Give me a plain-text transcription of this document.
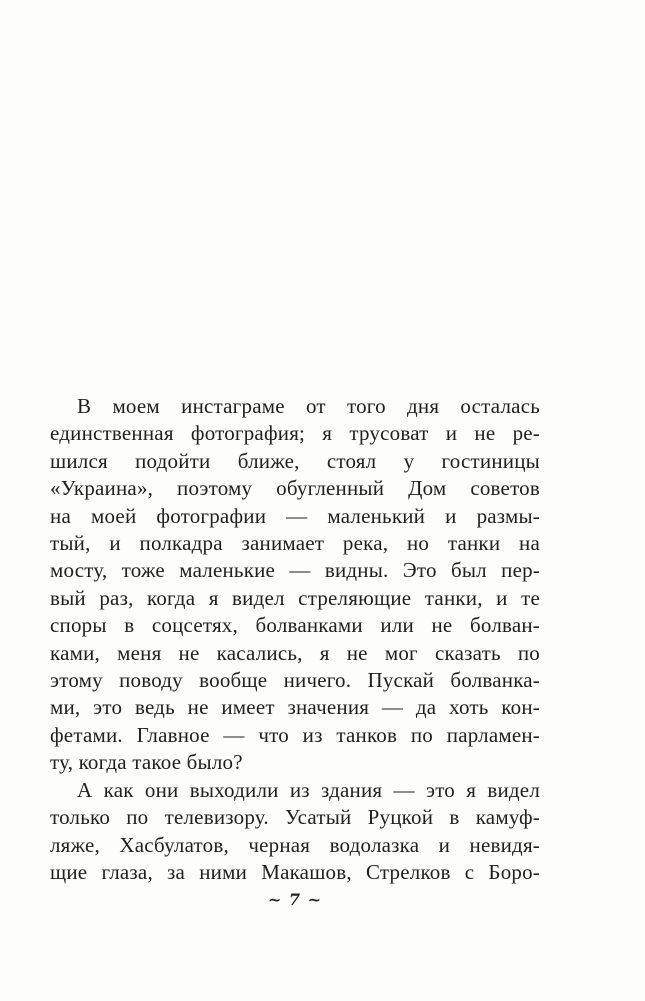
В моем инстаграме от того дня осталась
единственная фотография; я трусоват и не ре-
шился подойти ближе, стоял у гостиницы
«Украина», поэтому обугленный Дом советов
на моей фотографии — маленький и размы-
тый, и полкадра занимает река, но танки на
мосту, тоже маленькие — видны. Это был пер-
вый раз, когда я видел стреляющие танки, и те
споры в соцсетях, болванками или не болван-
ками, меня не касались, я не мог сказать по
этому поводу вообще ничего. Пускай болванка-
ми, это ведь не имеет значения — да хоть кон-
фетами. Главное — что из танков по парламен-
ту, когда такое было?
А как они выходили из здания — это я видел
только по телевизору. Усатый Руцкой в камуф-
ляже, Хасбулатов, черная водолазка и невидя-
щие глаза, за ними Макашов, Стрелков с Боро-
~ 7 ~
